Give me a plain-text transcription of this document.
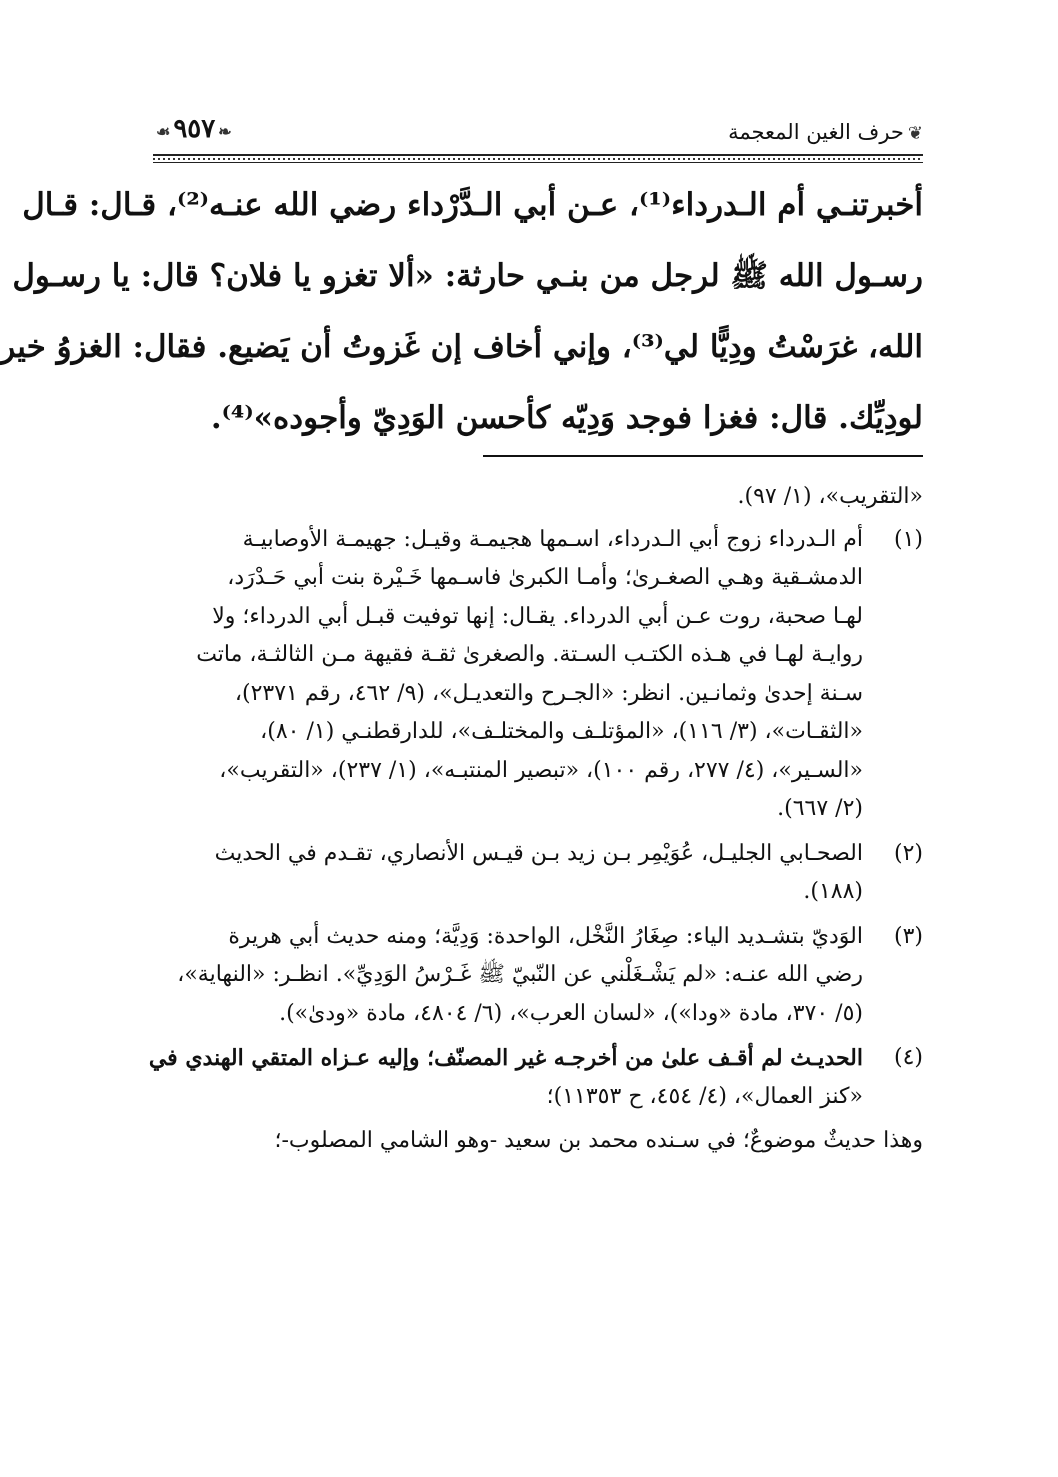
❦حرف الغين المعجمة
❧٩٥٧☙
أخبرتنـي أم الـدرداء⁽¹⁾، عـن أبي الـدَّرْداء رضي الله عنـه⁽²⁾، قـال: قـال
رسـول الله ﷺ لرجل من بنـي حارثة: «ألا تغزو يا فلان؟ قال: يا رسـول
الله، غرَسْتُ ودِيًّا لي⁽³⁾، وإني أخاف إن غَزوتُ أن يَضيع. فقال: الغزوُ خير
لودِيِّك. قال: فغزا فوجد وَدِيّه كأحسن الوَدِيّ وأجوده»⁽⁴⁾.
«التقريب»، (١/ ٩٧).
(١)
أم الـدرداء زوج أبي الـدرداء، اسـمها هجيمـة وقيـل: جهيمـة الأوصابيـة
الدمشـقية وهـي الصغـرىٰ؛ وأمـا الكبرىٰ فاسـمها خَـيْرة بنت أبي حَـدْرَد،
لهـا صحبة، روت عـن أبي الدرداء. يقـال: إنها توفيت قبـل أبي الدرداء؛ ولا
روايـة لهـا في هـذه الكتـب السـتة. والصغرىٰ ثقـة فقيهة مـن الثالثـة، ماتت
سـنة إحدىٰ وثمانـين. انظر: «الجـرح والتعديـل»، (٩/ ٤٦٢، رقم ٢٣٧١)،
«الثقـات»، (٣/ ١١٦)، «المؤتلـف والمختلـف»، للدارقطنـي (١/ ٨٠)،
«السـير»، (٤/ ٢٧٧، رقم ١٠٠)، «تبصير المنتبـه»، (١/ ٢٣٧)، «التقريب»،
(٢/ ٦٦٧).
(٢)
الصحـابي الجليـل، عُوَيْمِر بـن زيد بـن قيـس الأنصاري، تقـدم في الحديث
(١٨٨).
(٣)
الوَديّ بتشـديد الياء: صِغَارُ النَّخْل، الواحدة: وَدِيَّة؛ ومنه حديث أبي هريرة
رضي الله عنـه: «لم يَشْـغَلْني عن النّبيّ ﷺ غَـرْسُ الوَدِيِّ». انظـر: «النهاية»،
(٥/ ٣٧٠، مادة «ودا»)، «لسان العرب»، (٦/ ٤٨٠٤، مادة «ودىٰ»).
(٤)
الحديـث لم أقـف علىٰ من أخرجـه غير المصنّف؛ وإليه عـزاه المتقي الهندي في
«كنز العمال»، (٤/ ٤٥٤، ح ١١٣٥٣)؛
وهذا حديثٌ موضوعٌ؛ في سـنده محمد بن سعيد -وهو الشامي المصلوب-؛
